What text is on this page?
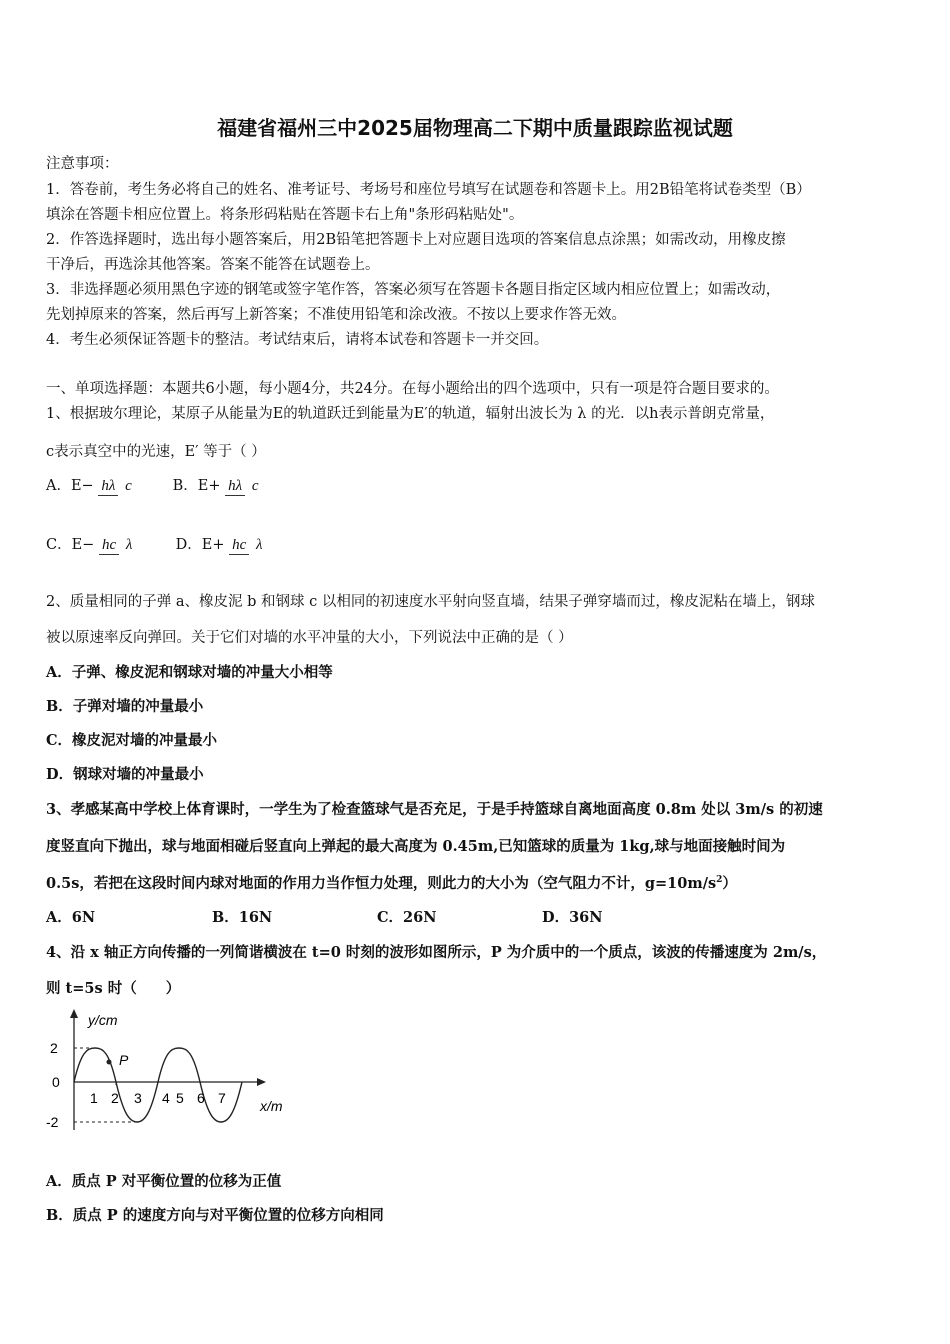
福建省福州三中2025届物理高二下期中质量跟踪监视试题
注意事项：
1．答卷前，考生务必将自己的姓名、准考证号、考场号和座位号填写在试题卷和答题卡上。用2B铅笔将试卷类型（B）
填涂在答题卡相应位置上。将条形码粘贴在答题卡右上角"条形码粘贴处"。
2．作答选择题时，选出每小题答案后，用2B铅笔把答题卡上对应题目选项的答案信息点涂黑；如需改动，用橡皮擦
干净后，再选涂其他答案。答案不能答在试题卷上。
3．非选择题必须用黑色字迹的钢笔或签字笔作答，答案必须写在答题卡各题目指定区域内相应位置上；如需改动，
先划掉原来的答案，然后再写上新答案；不准使用铅笔和涂改液。不按以上要求作答无效。
4．考生必须保证答题卡的整洁。考试结束后，请将本试卷和答题卡一并交回。
一、单项选择题：本题共6小题，每小题4分，共24分。在每小题给出的四个选项中，只有一项是符合题目要求的。
1、根据玻尔理论，某原子从能量为E的轨道跃迁到能量为E′的轨道，辐射出波长为 λ 的光．以h表示普朗克常量，
c表示真空中的光速，E′ 等于（ ）
A．E− hλ c	B．E+ hλ c
C．E− hc λ	D．E+ hc λ
2、质量相同的子弹 a、橡皮泥 b 和钢球 c 以相同的初速度水平射向竖直墙，结果子弹穿墙而过，橡皮泥粘在墙上，钢球
被以原速率反向弹回。关于它们对墙的水平冲量的大小，下列说法中正确的是（ ）
A．子弹、橡皮泥和钢球对墙的冲量大小相等
B．子弹对墙的冲量最小
C．橡皮泥对墙的冲量最小
D．钢球对墙的冲量最小
3、孝感某高中学校上体育课时，一学生为了检查篮球气是否充足，于是手持篮球自离地面高度 0.8m 处以 3m/s 的初速
度竖直向下抛出，球与地面相碰后竖直向上弹起的最大高度为 0.45m,已知篮球的质量为 1kg,球与地面接触时间为
0.5s，若把在这段时间内球对地面的作用力当作恒力处理，则此力的大小为（空气阻力不计，$g=10m/s^2$）
A．6N	B．16N	C．26N	D．36N
4、沿 x 轴正方向传播的一列简谐横波在 t=0 时刻的波形如图所示，P 为介质中的一个质点，该波的传播速度为 2m/s，
则 t=5s 时（　　）
y/cm
x/m
2
0
-2
P
1 2 3 4 5 6 7
A．质点 P 对平衡位置的位移为正值
B．质点 P 的速度方向与对平衡位置的位移方向相同
